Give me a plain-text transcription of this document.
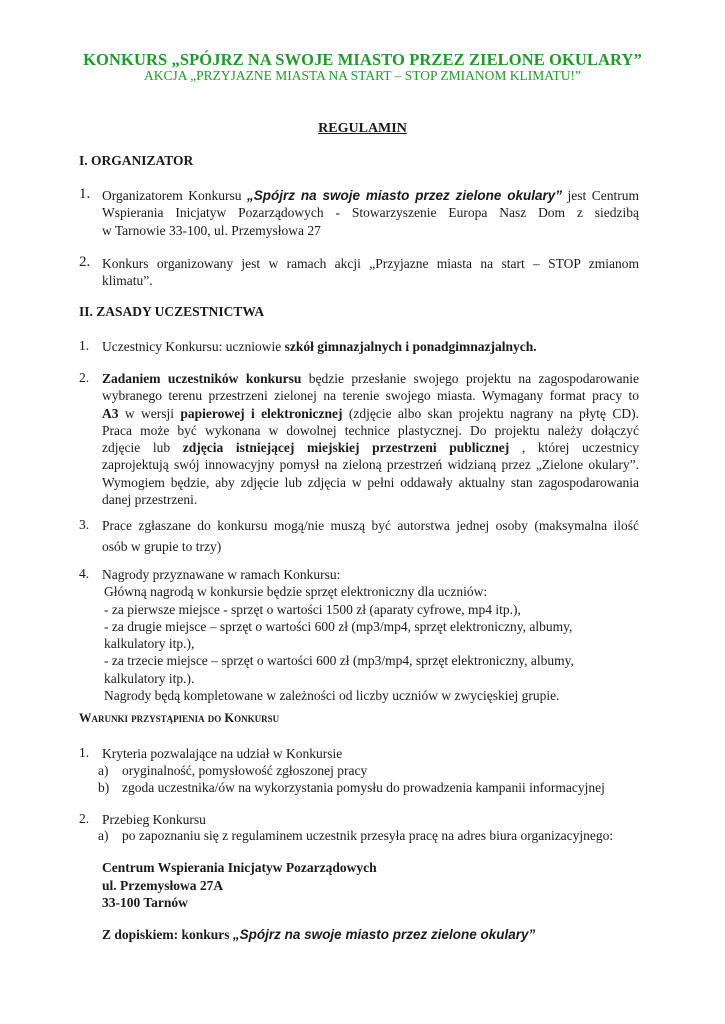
KONKURS „SPÓJRZ NA SWOJE MIASTO PRZEZ ZIELONE OKULARY”
AKCJA „PRZYJAZNE MIASTA NA START – STOP ZMIANOM KLIMATU!”
REGULAMIN
I. ORGANIZATOR
1. Organizatorem Konkursu „Spójrz na swoje miasto przez zielone okulary” jest Centrum
Wspierania Inicjatyw Pozarządowych - Stowarzyszenie Europa Nasz Dom z siedzibą
w Tarnowie 33-100, ul. Przemysłowa 27
2. Konkurs organizowany jest w ramach akcji „Przyjazne miasta na start – STOP zmianom
klimatu”.
II. ZASADY UCZESTNICTWA
1. Uczestnicy Konkursu: uczniowie szkół gimnazjalnych i ponadgimnazjalnych.
2. Zadaniem uczestników konkursu będzie przesłanie swojego projektu na zagospodarowanie
wybranego terenu przestrzeni zielonej na terenie swojego miasta. Wymagany format pracy to
A3 w wersji papierowej i elektronicznej (zdjęcie albo skan projektu nagrany na płytę CD).
Praca może być wykonana w dowolnej technice plastycznej. Do projektu należy dołączyć
zdjęcie lub zdjęcia istniejącej miejskiej przestrzeni publicznej , której uczestnicy
zaprojektują swój innowacyjny pomysł na zieloną przestrzeń widzianą przez „Zielone okulary”.
Wymogiem będzie, aby zdjęcie lub zdjęcia w pełni oddawały aktualny stan zagospodarowania
danej przestrzeni.
3. Prace zgłaszane do konkursu mogą/nie muszą być autorstwa jednej osoby (maksymalna ilość
osób w grupie to trzy)
4. Nagrody przyznawane w ramach Konkursu:
Główną nagrodą w konkursie będzie sprzęt elektroniczny dla uczniów:
- za pierwsze miejsce - sprzęt o wartości 1500 zł (aparaty cyfrowe, mp4 itp.),
- za drugie miejsce – sprzęt o wartości 600 zł (mp3/mp4, sprzęt elektroniczny, albumy,
kalkulatory itp.),
- za trzecie miejsce – sprzęt o wartości 600 zł (mp3/mp4, sprzęt elektroniczny, albumy,
kalkulatory itp.).
Nagrody będą kompletowane w zależności od liczby uczniów w zwycięskiej grupie.
Warunki przystąpienia do Konkursu
1. Kryteria pozwalające na udział w Konkursie
a) oryginalność, pomysłowość zgłoszonej pracy
b) zgoda uczestnika/ów na wykorzystania pomysłu do prowadzenia kampanii informacyjnej
2. Przebieg Konkursu
a) po zapoznaniu się z regulaminem uczestnik przesyła pracę na adres biura organizacyjnego:
Centrum Wspierania Inicjatyw Pozarządowych
ul. Przemysłowa 27A
33-100 Tarnów
Z dopiskiem: konkurs „Spójrz na swoje miasto przez zielone okulary”
